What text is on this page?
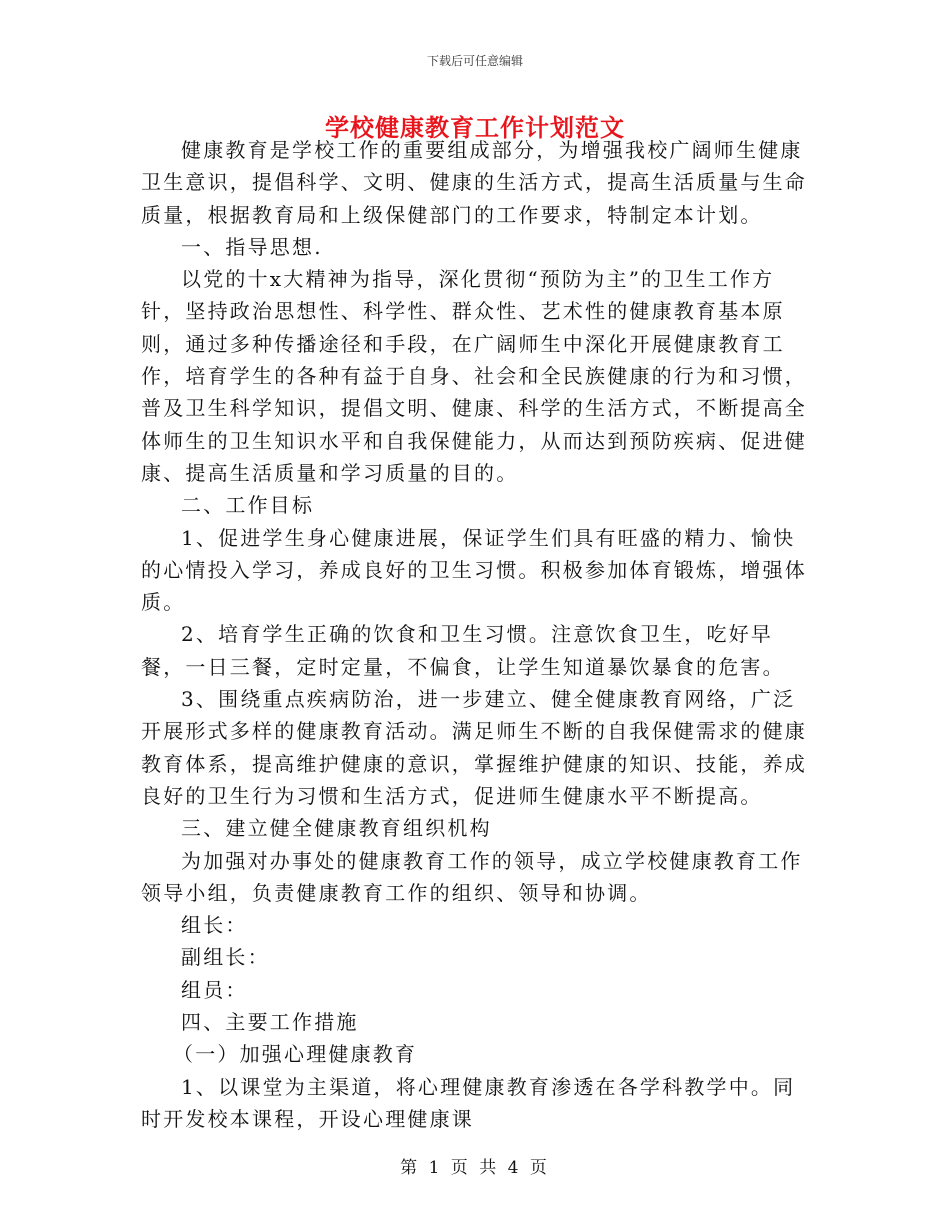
下载后可任意编辑
学校健康教育工作计划范文

健康教育是学校工作的重要组成部分，为增强我校广阔师生健康卫生意识，提倡科学、文明、健康的生活方式，提高生活质量与生命质量，根据教育局和上级保健部门的工作要求，特制定本计划。

一、指导思想.

以党的十x大精神为指导，深化贯彻“预防为主”的卫生工作方针，坚持政治思想性、科学性、群众性、艺术性的健康教育基本原则，通过多种传播途径和手段，在广阔师生中深化开展健康教育工作，培育学生的各种有益于自身、社会和全民族健康的行为和习惯，普及卫生科学知识，提倡文明、健康、科学的生活方式，不断提高全体师生的卫生知识水平和自我保健能力，从而达到预防疾病、促进健康、提高生活质量和学习质量的目的。

二、工作目标

1、促进学生身心健康进展，保证学生们具有旺盛的精力、愉快的心情投入学习，养成良好的卫生习惯。积极参加体育锻炼，增强体质。

2、培育学生正确的饮食和卫生习惯。注意饮食卫生，吃好早餐，一日三餐，定时定量，不偏食，让学生知道暴饮暴食的危害。

3、围绕重点疾病防治，进一步建立、健全健康教育网络，广泛开展形式多样的健康教育活动。满足师生不断的自我保健需求的健康教育体系，提高维护健康的意识，掌握维护健康的知识、技能，养成良好的卫生行为习惯和生活方式，促进师生健康水平不断提高。

三、建立健全健康教育组织机构

为加强对办事处的健康教育工作的领导，成立学校健康教育工作领导小组，负责健康教育工作的组织、领导和协调。

组长：

副组长：

组员：

四、主要工作措施

（一）加强心理健康教育

1、以课堂为主渠道，将心理健康教育渗透在各学科教学中。同时开发校本课程，开设心理健康课

第 1 页 共 4 页
